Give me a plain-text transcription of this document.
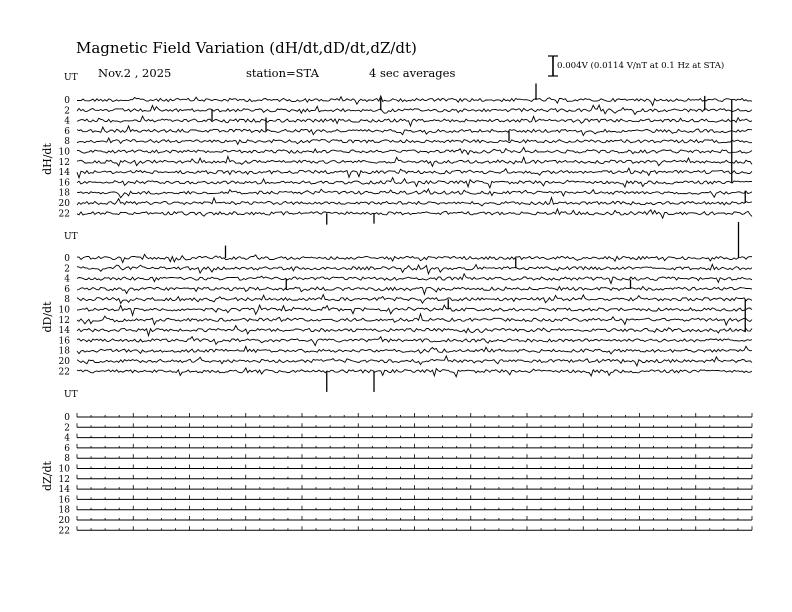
Magnetic Field Variation (dH/dt,dD/dt,dZ/dt)
Nov.2 , 2025	station=STA	4 sec averages	0.004V (0.0114 V/nT at 0.1 Hz at STA)
UT
dH/dt
0
2
4
6
8
10
12
14
16
18
20
22
UT
dD/dt
0
2
4
6
8
10
12
14
16
18
20
22
UT
dZ/dt
0
2
4
6
8
10
12
14
16
18
20
22
